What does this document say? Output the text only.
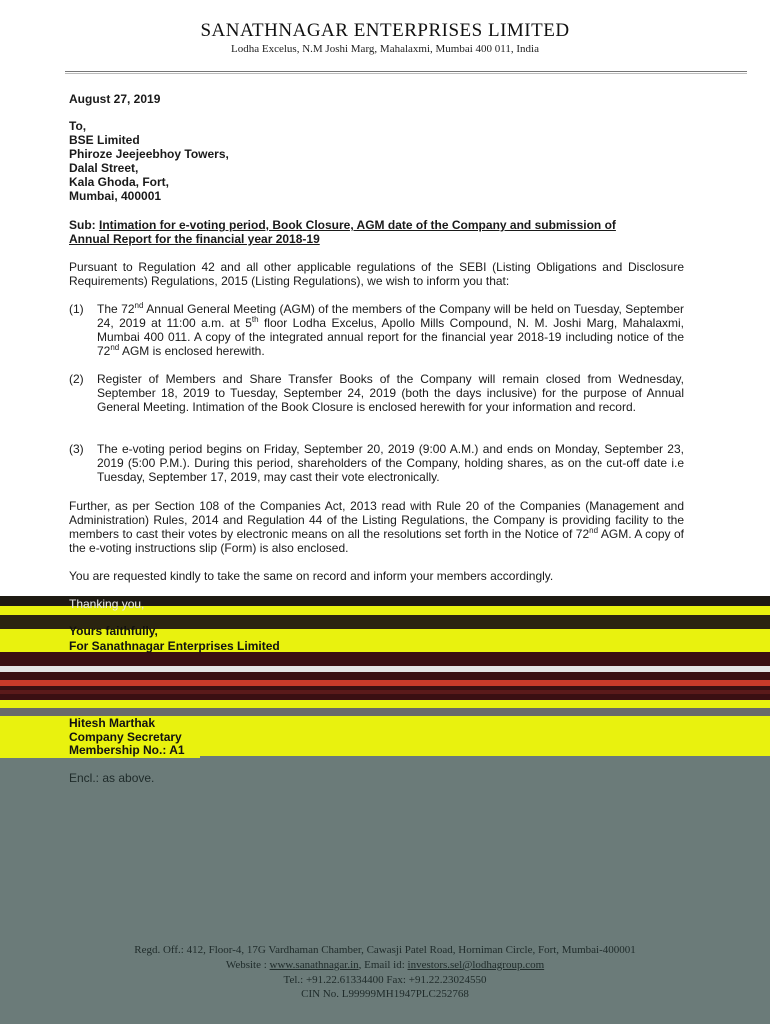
SANATHNAGAR ENTERPRISES LIMITED
Lodha Excelus, N.M Joshi Marg, Mahalaxmi, Mumbai 400 011, India
August 27, 2019
To,
BSE Limited
Phiroze Jeejeebhoy Towers,
Dalal Street,
Kala Ghoda, Fort,
Mumbai, 400001
Sub: Intimation for e-voting period, Book Closure, AGM date of the Company and submission of
Annual Report for the financial year 2018-19
Pursuant to Regulation 42 and all other applicable regulations of the SEBI (Listing Obligations and Disclosure Requirements) Regulations, 2015 (Listing Regulations), we wish to inform you that:
(1) The 72nd Annual General Meeting (AGM) of the members of the Company will be held on Tuesday, September 24, 2019 at 11:00 a.m. at 5th floor Lodha Excelus, Apollo Mills Compound, N. M. Joshi Marg, Mahalaxmi, Mumbai 400 011. A copy of the integrated annual report for the financial year 2018-19 including notice of the 72nd AGM is enclosed herewith.
(2) Register of Members and Share Transfer Books of the Company will remain closed from Wednesday, September 18, 2019 to Tuesday, September 24, 2019 (both the days inclusive) for the purpose of Annual General Meeting. Intimation of the Book Closure is enclosed herewith for your information and record.
(3) The e-voting period begins on Friday, September 20, 2019 (9:00 A.M.) and ends on Monday, September 23, 2019 (5:00 P.M.). During this period, shareholders of the Company, holding shares, as on the cut-off date i.e Tuesday, September 17, 2019, may cast their vote electronically.
Further, as per Section 108 of the Companies Act, 2013 read with Rule 20 of the Companies (Management and Administration) Rules, 2014 and Regulation 44 of the Listing Regulations, the Company is providing facility to the members to cast their votes by electronic means on all the resolutions set forth in the Notice of 72nd AGM. A copy of the e-voting instructions slip (Form) is also enclosed.
You are requested kindly to take the same on record and inform your members accordingly.
Thanking you,
Yours faithfully,
For Sanathnagar Enterprises Limited
Hitesh Marthak
Company Secretary
Membership No.: A1
Encl.: as above.
Regd. Off.: 412, Floor-4, 17G Vardhaman Chamber, Cawasji Patel Road, Horniman Circle, Fort, Mumbai-400001
Website : www.sanathnagar.in, Email id: investors.sel@lodhagroup.com
Tel.: +91.22.61334400 Fax: +91.22.23024550
CIN No. L99999MH1947PLC252768
